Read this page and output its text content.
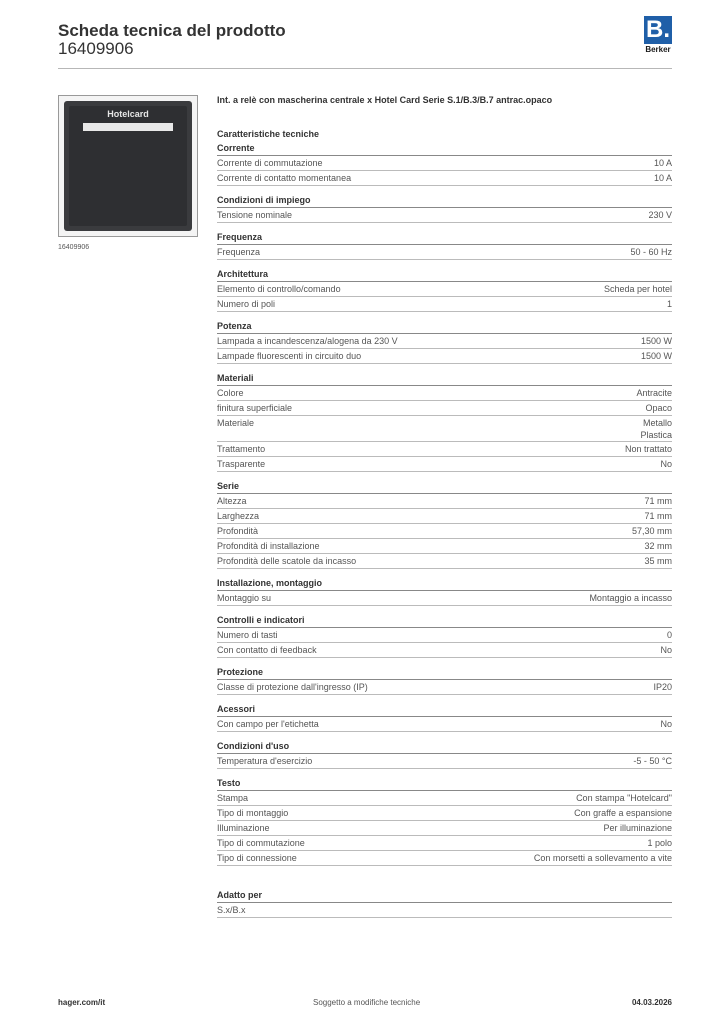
Scheda tecnica del prodotto
16409906
B.
Berker
Hotelcard
16409906
Int. a relè con mascherina centrale x Hotel Card Serie S.1/B.3/B.7 antrac.opaco
Caratteristiche tecniche
Corrente
Corrente di commutazione	10 A
Corrente di contatto momentanea	10 A
Condizioni di impiego
Tensione nominale	230 V
Frequenza
Frequenza	50 - 60 Hz
Architettura
Elemento di controllo/comando	Scheda per hotel
Numero di poli	1
Potenza
Lampada a incandescenza/alogena da 230 V	1500 W
Lampade fluorescenti in circuito duo	1500 W
Materiali
Colore	Antracite
finitura superficiale	Opaco
Materiale	Metallo
Plastica
Trattamento	Non trattato
Trasparente	No
Serie
Altezza	71 mm
Larghezza	71 mm
Profondità	57,30 mm
Profondità di installazione	32 mm
Profondità delle scatole da incasso	35 mm
Installazione, montaggio
Montaggio su	Montaggio a incasso
Controlli e indicatori
Numero di tasti	0
Con contatto di feedback	No
Protezione
Classe di protezione dall'ingresso (IP)	IP20
Acessori
Con campo per l'etichetta	No
Condizioni d'uso
Temperatura d'esercizio	-5 - 50 °C
Testo
Stampa	Con stampa "Hotelcard"
Tipo di montaggio	Con graffe a espansione
Illuminazione	Per illuminazione
Tipo di commutazione	1 polo
Tipo di connessione	Con morsetti a sollevamento a vite
Adatto per
S.x/B.x
hager.com/it	Soggetto a modifiche tecniche	04.03.2026
